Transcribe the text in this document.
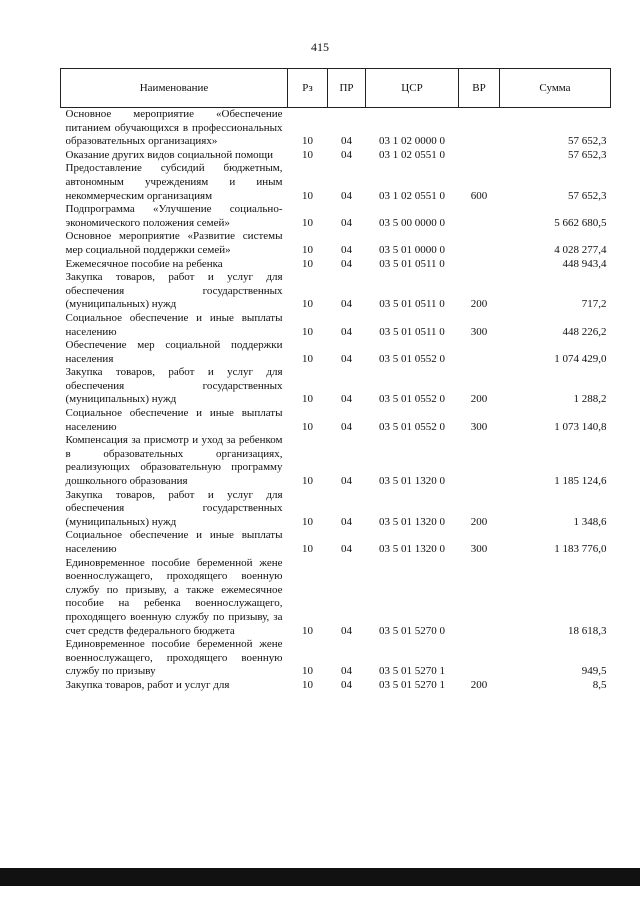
415
Наименование	Рз	ПР	ЦСР	ВР	Сумма
Основное мероприятие «Обеспечение питанием обучающихся в профессиональных образовательных организациях»	10	04	03 1 02 0000 0		57 652,3
Оказание других видов социальной помощи	10	04	03 1 02 0551 0		57 652,3
Предоставление субсидий бюджетным, автономным учреждениям и иным некоммерческим организациям	10	04	03 1 02 0551 0	600	57 652,3
Подпрограмма «Улучшение социально-экономического положения семей»	10	04	03 5 00 0000 0		5 662 680,5
Основное мероприятие «Развитие системы мер социальной поддержки семей»	10	04	03 5 01 0000 0		4 028 277,4
Ежемесячное пособие на ребенка	10	04	03 5 01 0511 0		448 943,4
Закупка товаров, работ и услуг для обеспечения государственных (муниципальных) нужд	10	04	03 5 01 0511 0	200	717,2
Социальное обеспечение и иные выплаты населению	10	04	03 5 01 0511 0	300	448 226,2
Обеспечение мер социальной поддержки населения	10	04	03 5 01 0552 0		1 074 429,0
Закупка товаров, работ и услуг для обеспечения государственных (муниципальных) нужд	10	04	03 5 01 0552 0	200	1 288,2
Социальное обеспечение и иные выплаты населению	10	04	03 5 01 0552 0	300	1 073 140,8
Компенсация за присмотр и уход за ребенком в образовательных организациях, реализующих образовательную программу дошкольного образования	10	04	03 5 01 1320 0		1 185 124,6
Закупка товаров, работ и услуг для обеспечения государственных (муниципальных) нужд	10	04	03 5 01 1320 0	200	1 348,6
Социальное обеспечение и иные выплаты населению	10	04	03 5 01 1320 0	300	1 183 776,0
Единовременное пособие беременной жене военнослужащего, проходящего военную службу по призыву, а также ежемесячное пособие на ребенка военнослужащего, проходящего военную службу по призыву, за счет средств федерального бюджета	10	04	03 5 01 5270 0		18 618,3
Единовременное пособие беременной жене военнослужащего, проходящего военную службу по призыву	10	04	03 5 01 5270 1		949,5
Закупка товаров, работ и услуг для	10	04	03 5 01 5270 1	200	8,5
